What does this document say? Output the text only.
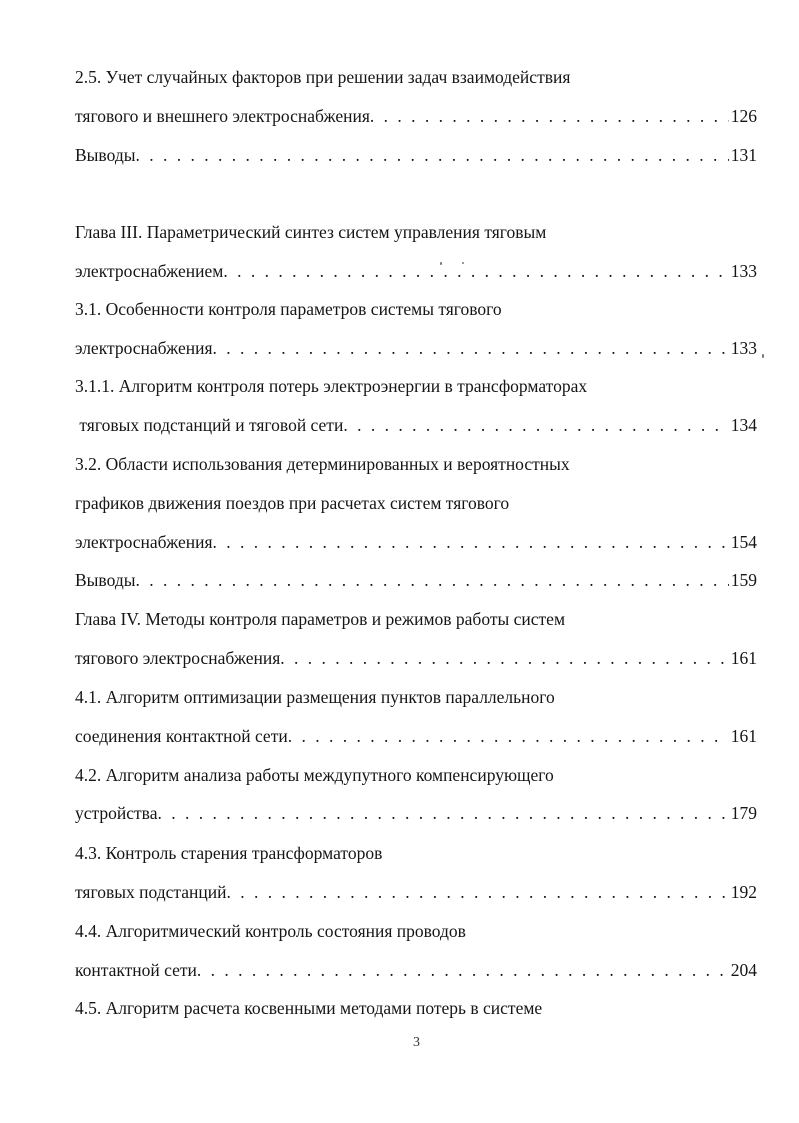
2.5. Учет случайных факторов при решении задач взаимодействия
тягового и внешнего электроснабжения . . .	126
Выводы . . .	131
Глава III. Параметрический синтез систем управления тяговым
электроснабжением . . .	133
3.1. Особенности контроля параметров системы тягового
электроснабжения . . .	133
3.1.1. Алгоритм контроля потерь электроэнергии в трансформаторах
тяговых подстанций и тяговой сети . . .	134
3.2. Области использования детерминированных и вероятностных
графиков движения поездов при расчетах систем тягового
электроснабжения . . .	154
Выводы . . .	159
Глава IV. Методы контроля параметров и режимов работы систем
тягового электроснабжения . . .	161
4.1. Алгоритм оптимизации размещения пунктов параллельного
соединения контактной сети . . .	161
4.2. Алгоритм анализа работы междупутного компенсирующего
устройства . . .	179
4.3. Контроль старения трансформаторов
тяговых подстанций . . .	192
4.4. Алгоритмический контроль состояния проводов
контактной сети . . .	204
4.5. Алгоритм расчета косвенными методами потерь в системе
3
